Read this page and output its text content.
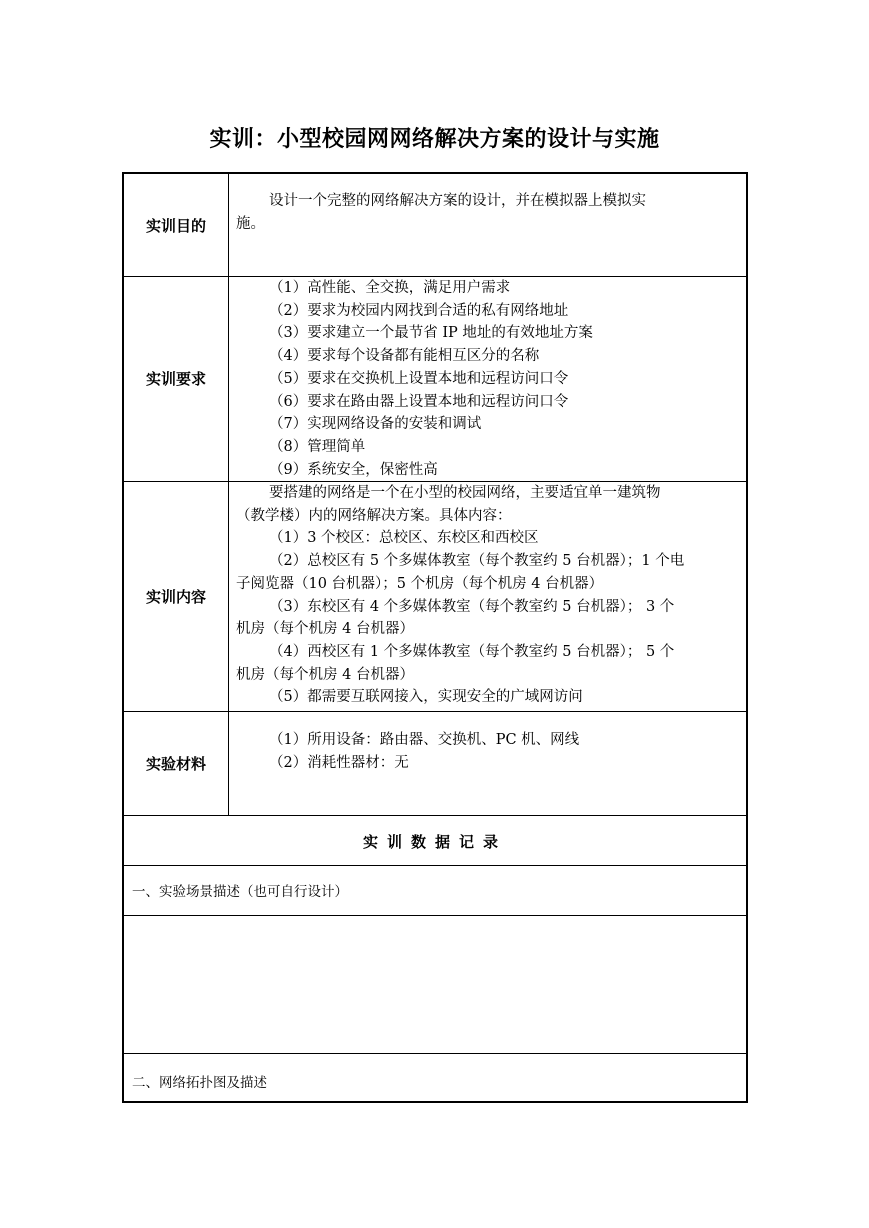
实训：小型校园网网络解决方案的设计与实施
实训目的
设计一个完整的网络解决方案的设计，并在模拟器上模拟实
施。
实训要求
（1）高性能、全交换，满足用户需求
（2）要求为校园内网找到合适的私有网络地址
（3）要求建立一个最节省 IP 地址的有效地址方案
（4）要求每个设备都有能相互区分的名称
（5）要求在交换机上设置本地和远程访问口令
（6）要求在路由器上设置本地和远程访问口令
（7）实现网络设备的安装和调试
（8）管理简单
（9）系统安全，保密性高
实训内容
要搭建的网络是一个在小型的校园网络，主要适宜单一建筑物
（教学楼）内的网络解决方案。具体内容：
（1）3 个校区：总校区、东校区和西校区
（2）总校区有 5 个多媒体教室（每个教室约 5 台机器）；1 个电
子阅览器（10 台机器）；5 个机房（每个机房 4 台机器）
（3）东校区有 4 个多媒体教室（每个教室约 5 台机器）； 3 个
机房（每个机房 4 台机器）
（4）西校区有 1 个多媒体教室（每个教室约 5 台机器）； 5 个
机房（每个机房 4 台机器）
（5）都需要互联网接入，实现安全的广域网访问
实验材料
（1）所用设备：路由器、交换机、PC 机、网线
（2）消耗性器材：无
实训数据记录
一、实验场景描述（也可自行设计）
二、网络拓扑图及描述
